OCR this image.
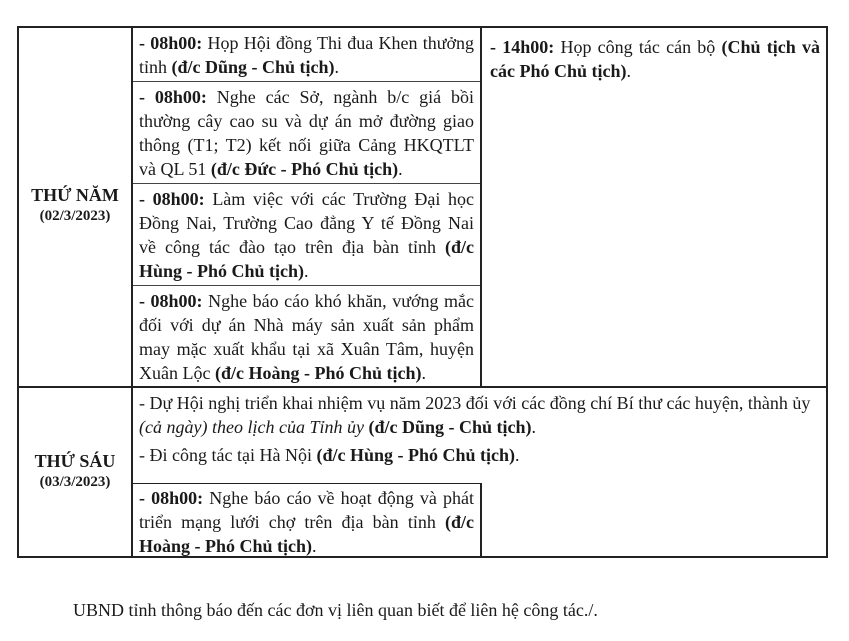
THỨ NĂM
(02/3/2023)
- 08h00: Họp Hội đồng Thi đua Khen thưởng tỉnh (đ/c Dũng - Chủ tịch).
- 08h00: Nghe các Sở, ngành b/c giá bồi thường cây cao su và dự án mở đường giao thông (T1; T2) kết nối giữa Cảng HKQTLT và QL 51 (đ/c Đức - Phó Chủ tịch).
- 08h00: Làm việc với các Trường Đại học Đồng Nai, Trường Cao đẳng Y tế Đồng Nai về công tác đào tạo trên địa bàn tỉnh (đ/c Hùng - Phó Chủ tịch).
- 08h00: Nghe báo cáo khó khăn, vướng mắc đối với dự án Nhà máy sản xuất sản phẩm may mặc xuất khẩu tại xã Xuân Tâm, huyện Xuân Lộc (đ/c Hoàng - Phó Chủ tịch).
- 14h00: Họp công tác cán bộ (Chủ tịch và các Phó Chủ tịch).
THỨ SÁU
(03/3/2023)
- Dự Hội nghị triển khai nhiệm vụ năm 2023 đối với các đồng chí Bí thư các huyện, thành ủy (cả ngày) theo lịch của Tỉnh ủy (đ/c Dũng - Chủ tịch).
- Đi công tác tại Hà Nội (đ/c Hùng - Phó Chủ tịch).
- 08h00: Nghe báo cáo về hoạt động và phát triển mạng lưới chợ trên địa bàn tỉnh (đ/c Hoàng - Phó Chủ tịch).
UBND tỉnh thông báo đến các đơn vị liên quan biết để liên hệ công tác./.
